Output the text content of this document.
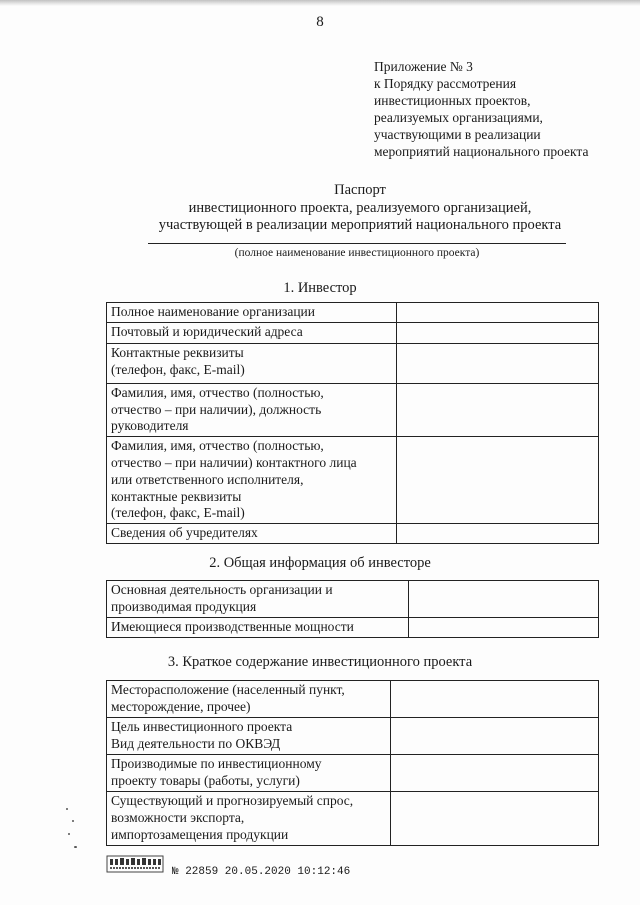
8
Приложение № 3
к Порядку рассмотрения
инвестиционных проектов,
реализуемых организациями,
участвующими в реализации
мероприятий национального проекта
Паспорт
инвестиционного проекта, реализуемого организацией,
участвующей в реализации мероприятий национального проекта
(полное наименование инвестиционного проекта)
1. Инвестор
Полное наименование организации	

Почтовый и юридический адреса	

Контактные реквизиты
(телефон, факс, E-mail)	

Фамилия, имя, отчество (полностью,
отчество – при наличии), должность
руководителя	

Фамилия, имя, отчество (полностью,
отчество – при наличии) контактного лица
или ответственного исполнителя,
контактные реквизиты
(телефон, факс, E-mail)	

Сведения об учредителях	

2. Общая информация об инвесторе
Основная деятельность организации и
производимая продукция	

Имеющиеся производственные мощности	

3. Краткое содержание инвестиционного проекта
Месторасположение (населенный пункт,
месторождение, прочее)	

Цель инвестиционного проекта
Вид деятельности по ОКВЭД	

Производимые по инвестиционному
проекту товары (работы, услуги)	

Существующий и прогнозируемый спрос,
возможности экспорта,
импортозамещения продукции	

№ 22859 20.05.2020 10:12:46
